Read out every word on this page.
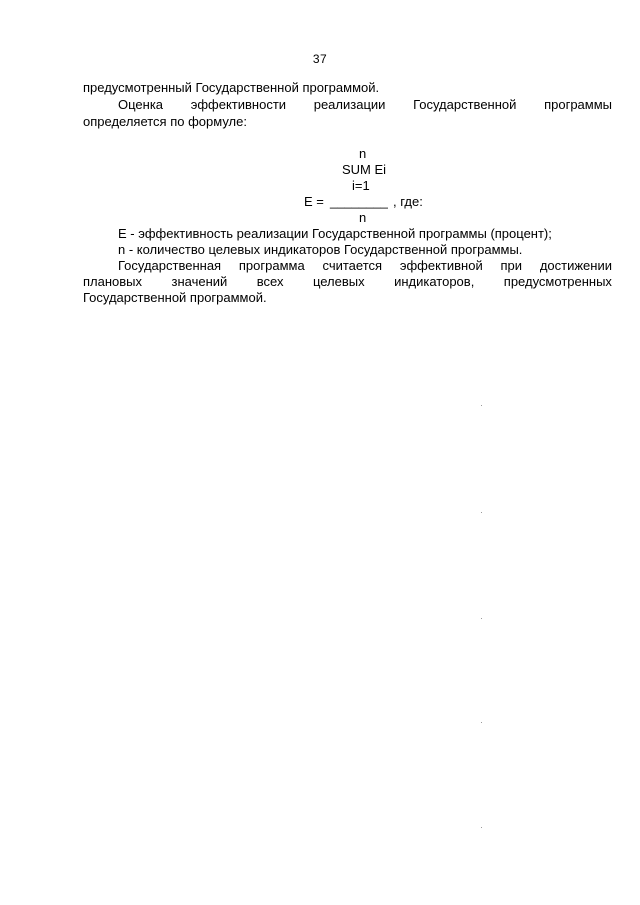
37
предусмотренный Государственной программой.
Оценка эффективности реализации Государственной программы
определяется по формуле:
n
SUM Ei
i=1
E = ________ , где:
n
Е - эффективность реализации Государственной программы (процент);
n - количество целевых индикаторов Государственной программы.
Государственная программа считается эффективной при достижении
плановых значений всех целевых индикаторов, предусмотренных
Государственной программой.
